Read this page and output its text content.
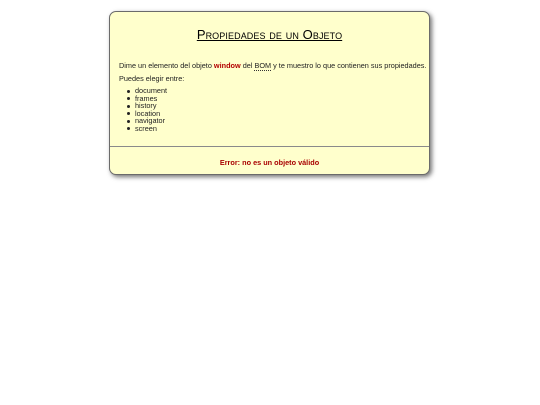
Propiedades de un Objeto

Dime un elemento del objeto window del BOM y te muestro lo que contienen sus propiedades.

Puedes elegir entre:

document
frames
history
location
navigator
screen

Error: no es un objeto válido
